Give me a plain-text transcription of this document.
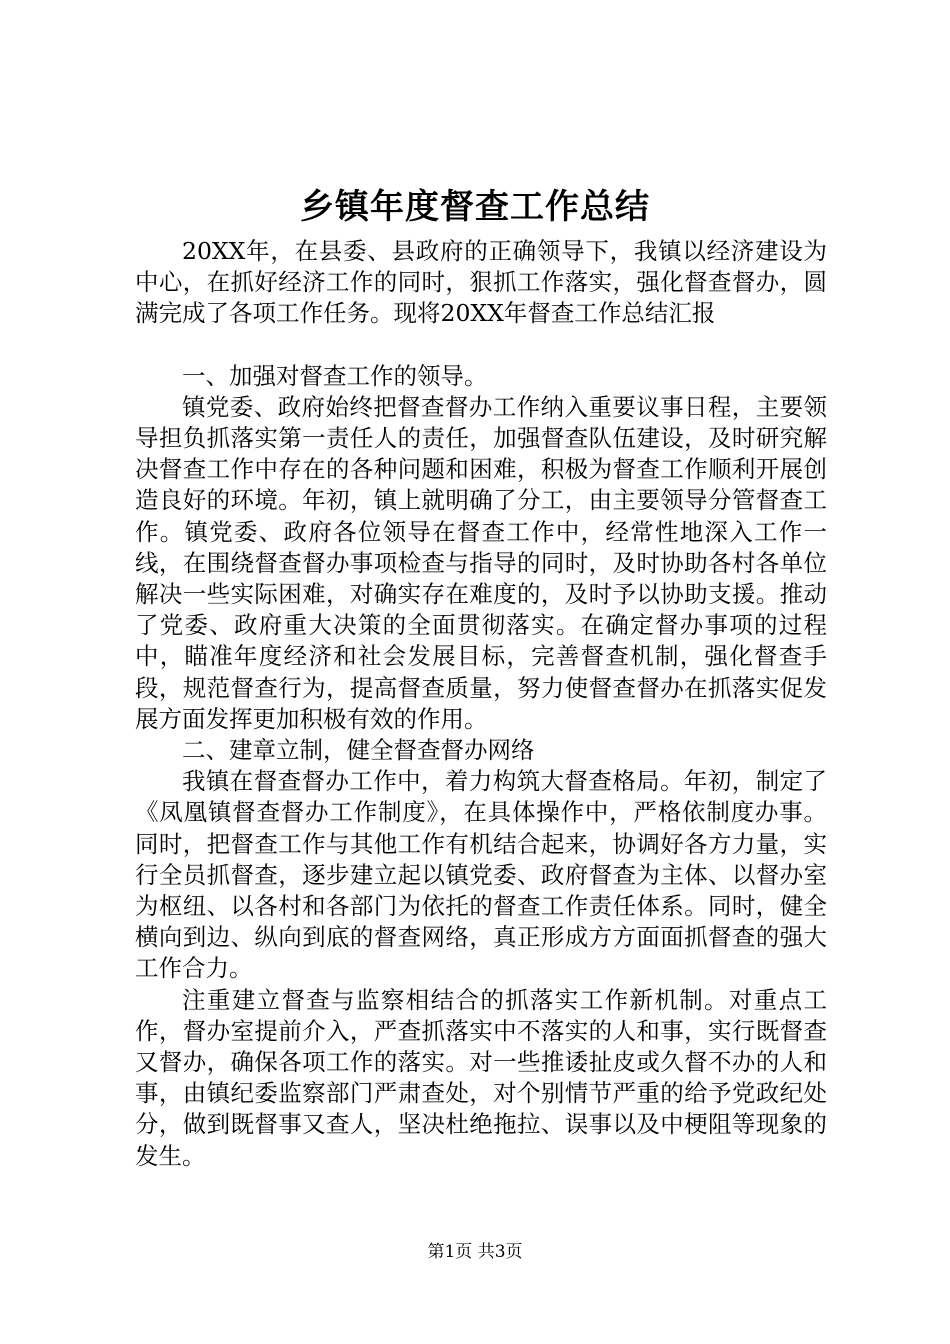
乡镇年度督查工作总结

20XX年，在县委、县政府的正确领导下，我镇以经济建设为中心，在抓好经济工作的同时，狠抓工作落实，强化督查督办，圆满完成了各项工作任务。现将20XX年督查工作总结汇报

一、加强对督查工作的领导。

镇党委、政府始终把督查督办工作纳入重要议事日程，主要领导担负抓落实第一责任人的责任，加强督查队伍建设，及时研究解决督查工作中存在的各种问题和困难，积极为督查工作顺利开展创造良好的环境。年初，镇上就明确了分工，由主要领导分管督查工作。镇党委、政府各位领导在督查工作中，经常性地深入工作一线，在围绕督查督办事项检查与指导的同时，及时协助各村各单位解决一些实际困难，对确实存在难度的，及时予以协助支援。推动了党委、政府重大决策的全面贯彻落实。在确定督办事项的过程中，瞄准年度经济和社会发展目标，完善督查机制，强化督查手段，规范督查行为，提高督查质量，努力使督查督办在抓落实促发展方面发挥更加积极有效的作用。

二、建章立制，健全督查督办网络

我镇在督查督办工作中，着力构筑大督查格局。年初，制定了《凤凰镇督查督办工作制度》，在具体操作中，严格依制度办事。同时，把督查工作与其他工作有机结合起来，协调好各方力量，实行全员抓督查，逐步建立起以镇党委、政府督查为主体、以督办室为枢纽、以各村和各部门为依托的督查工作责任体系。同时，健全横向到边、纵向到底的督查网络，真正形成方方面面抓督查的强大工作合力。

注重建立督查与监察相结合的抓落实工作新机制。对重点工作，督办室提前介入，严查抓落实中不落实的人和事，实行既督查又督办，确保各项工作的落实。对一些推诿扯皮或久督不办的人和事，由镇纪委监察部门严肃查处，对个别情节严重的给予党政纪处分，做到既督事又查人，坚决杜绝拖拉、误事以及中梗阻等现象的发生。

第1页 共3页
